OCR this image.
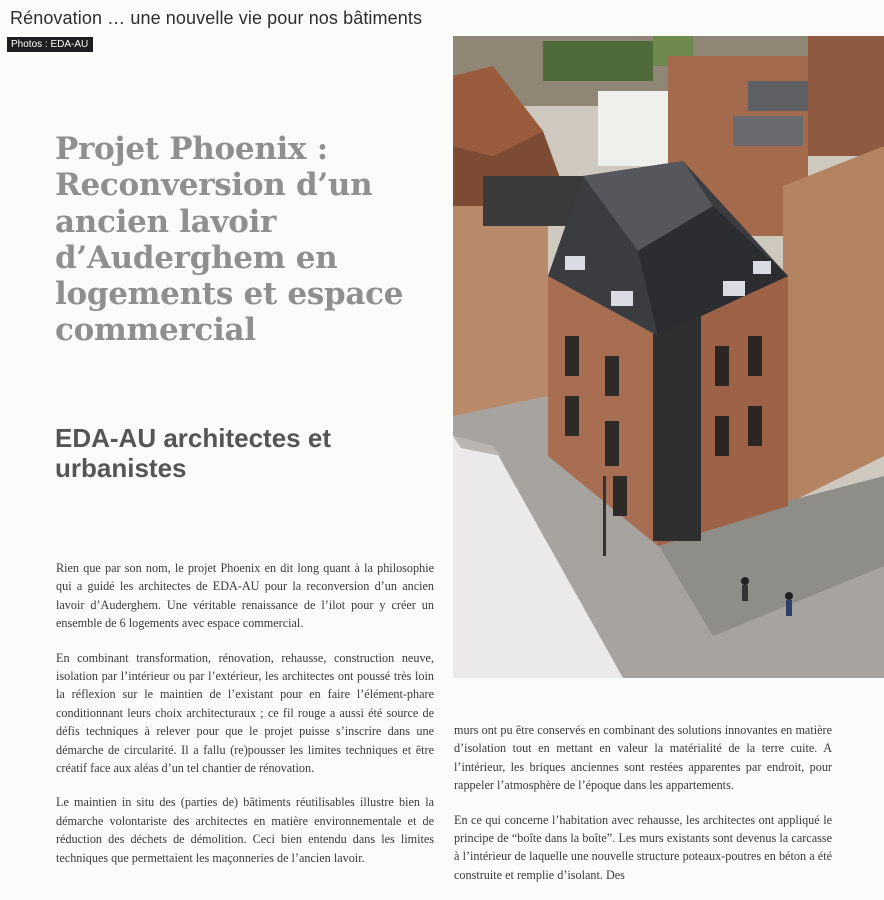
Rénovation … une nouvelle vie pour nos bâtiments
Photos : EDA-AU
Projet Phoenix : Reconversion d’un ancien lavoir d’Auderghem en logements et espace commercial
EDA-AU architectes et urbanistes

Rien que par son nom, le projet Phoenix en dit long quant à la philosophie qui a guidé les architectes de EDA-AU pour la reconversion d’un ancien lavoir d’Auderghem. Une véritable renaissance de l’ilot pour y créer un ensemble de 6 logements avec espace commercial.

En combinant transformation, rénovation, rehausse, construction neuve, isolation par l’intérieur ou par l’extérieur, les architectes ont poussé très loin la réflexion sur le maintien de l’existant pour en faire l’élément-phare conditionnant leurs choix architecturaux ; ce fil rouge a aussi été source de défis techniques à relever pour que le projet puisse s’inscrire dans une démarche de circularité. Il a fallu (re)pousser les limites techniques et être créatif face aux aléas d’un tel chantier de rénovation.

Le maintien in situ des (parties de) bâtiments réutilisables illustre bien la démarche volontariste des architectes en matière environnementale et de réduction des déchets de démolition. Ceci bien entendu dans les limites techniques que permettaient les maçonneries de l’ancien lavoir.

murs ont pu être conservés en combinant des solutions innovantes en matière d’isolation tout en mettant en valeur la matérialité de la terre cuite. A l’intérieur, les briques anciennes sont restées apparentes par endroit, pour rappeler l’atmosphère de l’époque dans les appartements.

En ce qui concerne l’habitation avec rehausse, les architectes ont appliqué le principe de “boîte dans la boîte”. Les murs existants sont devenus la carcasse à l’intérieur de laquelle une nouvelle structure poteaux-poutres en béton a été construite et remplie d’isolant. Des
